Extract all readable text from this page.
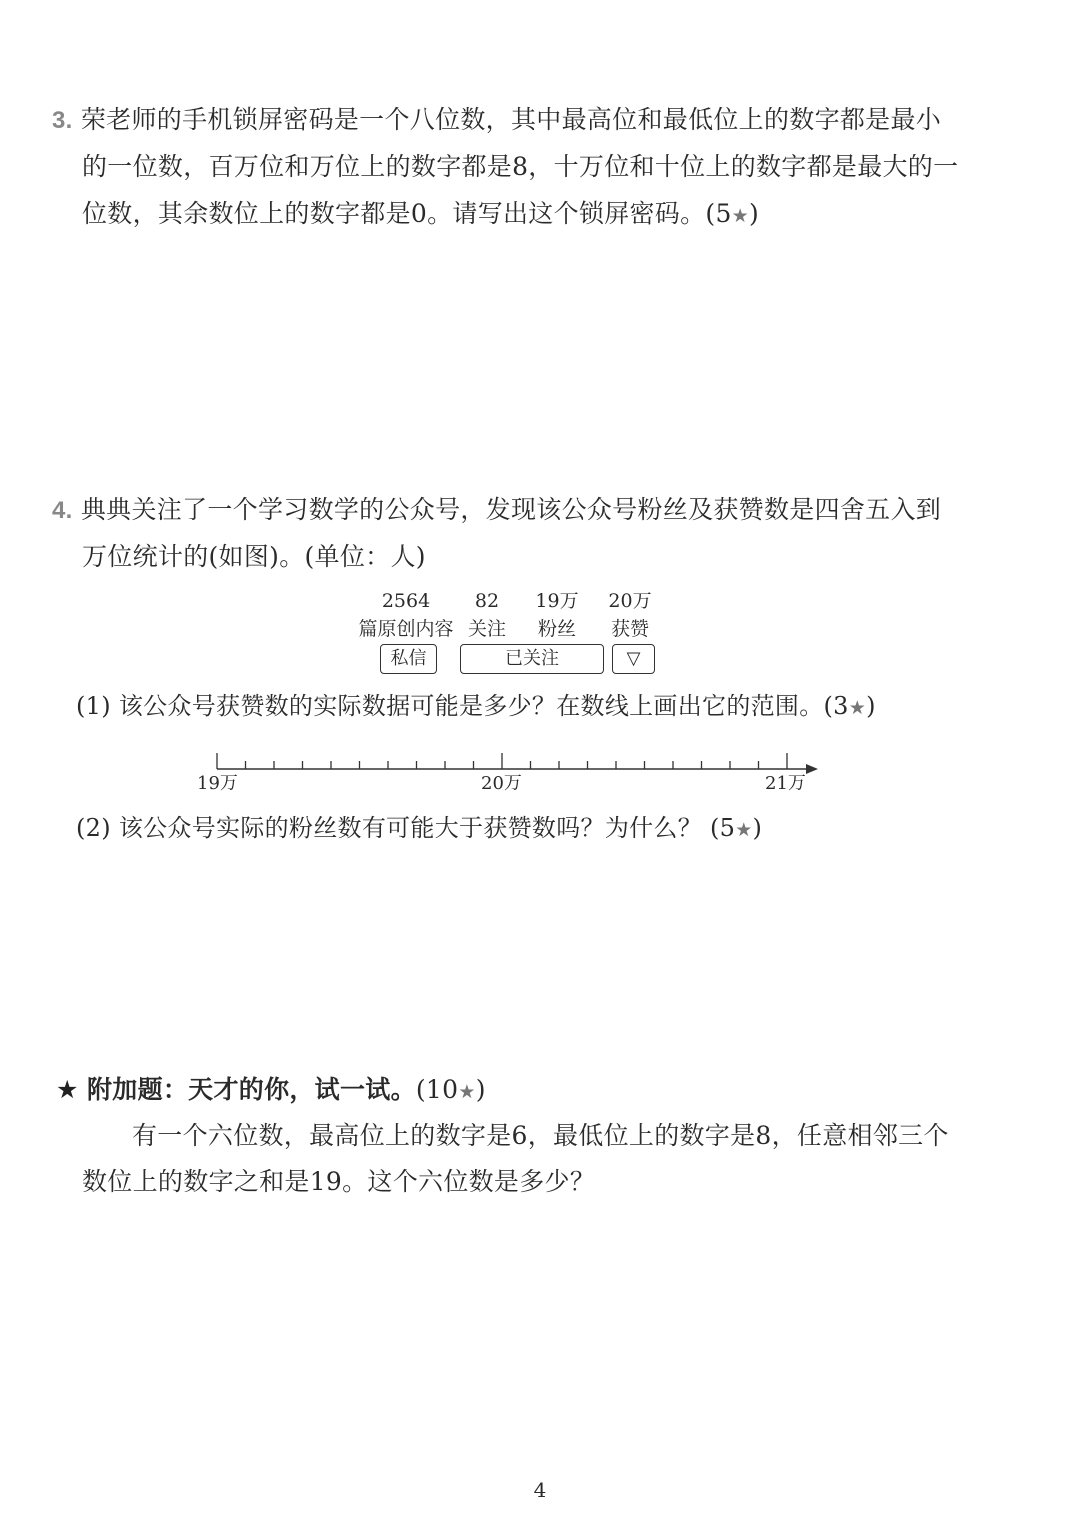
3. 荣老师的手机锁屏密码是一个八位数，其中最高位和最低位上的数字都是最小
的一位数，百万位和万位上的数字都是8，十万位和十位上的数字都是最大的一
位数，其余数位上的数字都是0。请写出这个锁屏密码。(5★)
4. 典典关注了一个学习数学的公众号，发现该公众号粉丝及获赞数是四舍五入到
万位统计的(如图)。(单位：人)
2564
篇原创内容
82
关注
19万
粉丝
20万
获赞
私信	已关注	▽
(1) 该公众号获赞数的实际数据可能是多少？在数线上画出它的范围。(3★)
19万	20万	21万
(2) 该公众号实际的粉丝数有可能大于获赞数吗？为什么？ (5★)
★ 附加题：天才的你，试一试。(10★)
有一个六位数，最高位上的数字是6，最低位上的数字是8，任意相邻三个
数位上的数字之和是19。这个六位数是多少？
4
